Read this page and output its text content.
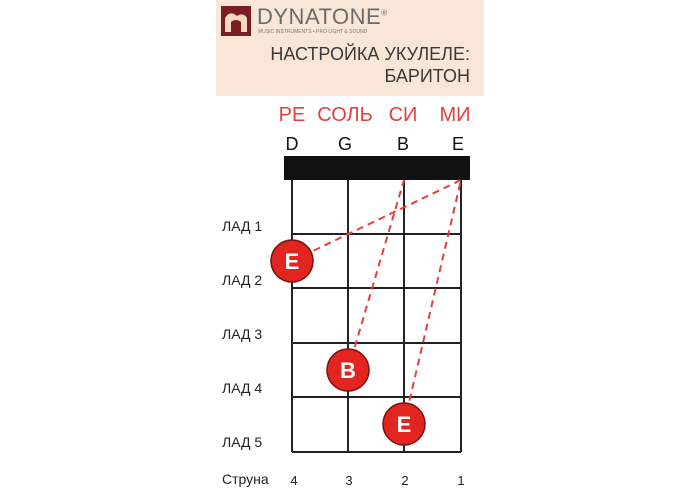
DYNATONE®
MUSIC INSTRUMENTS • PRO LIGHT & SOUND
НАСТРОЙКА УКУЛЕЛЕ:
БАРИТОН
РЕ СОЛЬ СИ МИ
D G B E
E
B
E
ЛАД 1
ЛАД 2
ЛАД 3
ЛАД 4
ЛАД 5
Струна 4	3	2	1
